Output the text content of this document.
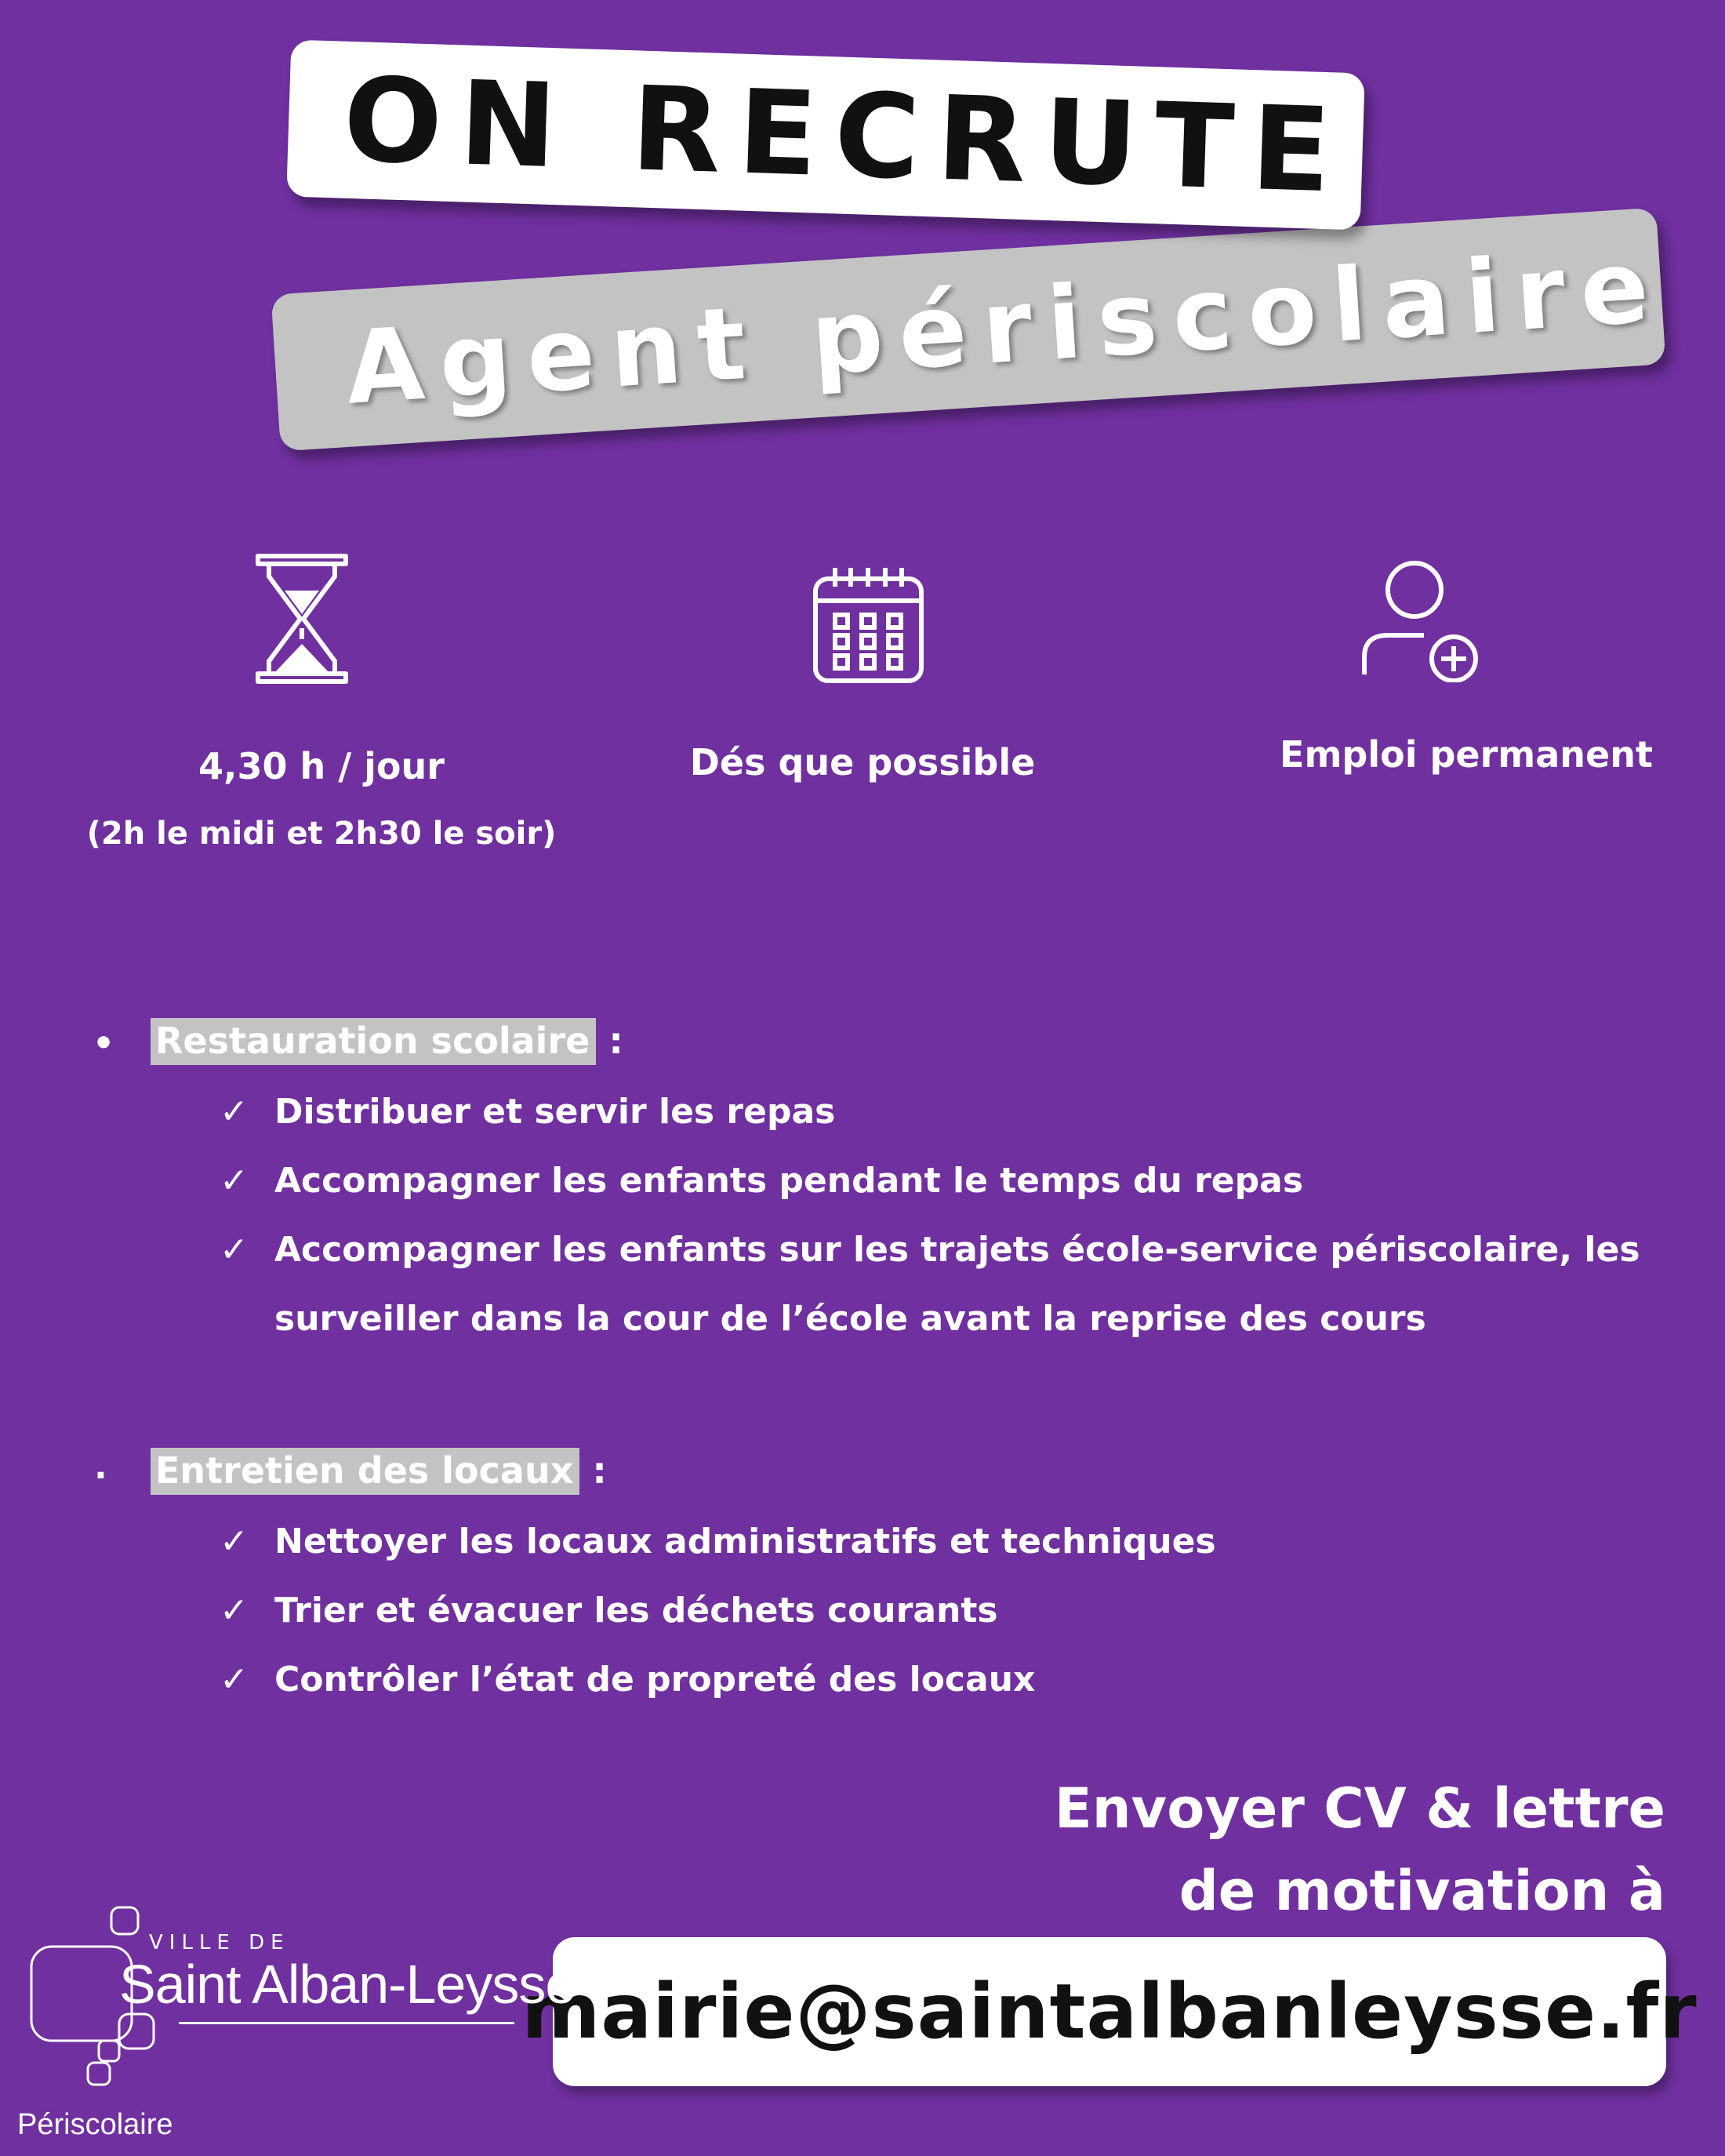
Agent périscolaire
ON RECRUTE
4,30 h / jour
(2h le midi et 2h30 le soir)
Dés que possible	Emploi permanent
• Restauration scolaire :
✓ Distribuer et servir les repas
✓ Accompagner les enfants pendant le temps du repas
✓ Accompagner les enfants sur les trajets école-service périscolaire, les
surveiller dans la cour de l’école avant la reprise des cours
. Entretien des locaux :
✓ Nettoyer les locaux administratifs et techniques
✓ Trier et évacuer les déchets courants
✓ Contrôler l’état de propreté des locaux
Envoyer CV & lettre
de motivation à
mairie@saintalbanleysse.fr
VILLE DE
Saint Alban-Leysse
Périscolaire
